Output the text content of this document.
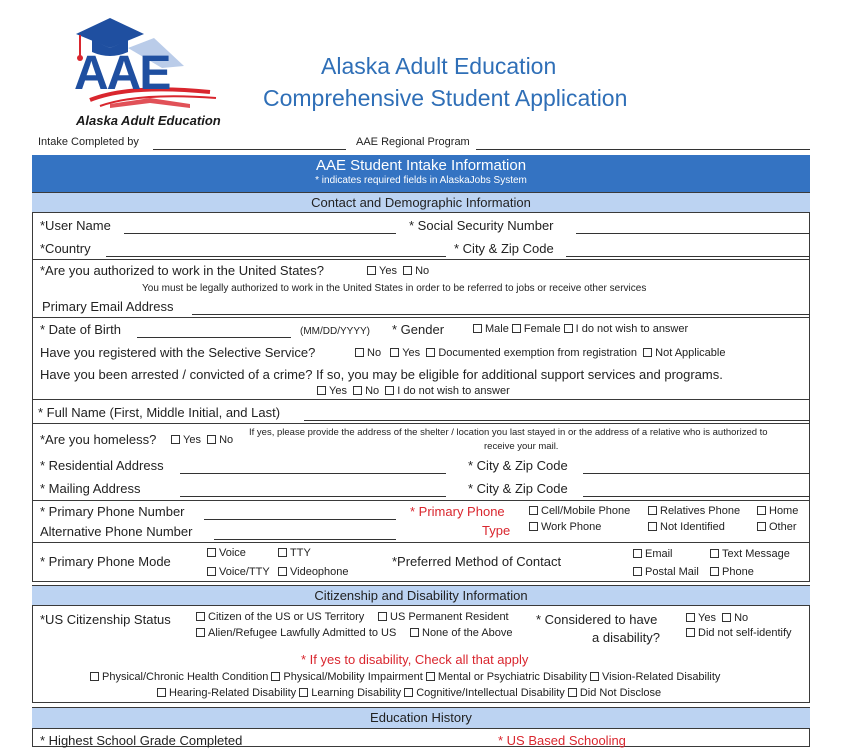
AAE
Alaska Adult Education
Alaska Adult Education
Comprehensive Student Application
Intake Completed by	AAE Regional Program
AAE Student Intake Information
* indicates required fields in AlaskaJobs System
Contact and Demographic Information
*User Name	* Social Security Number
*Country	* City & Zip Code
*Are you authorized to work in the United States?	Yes No
You must be legally authorized to work in the United States in order to be referred to jobs or receive other services
Primary Email Address
* Date of Birth	(MM/DD/YYYY) * Gender	Male Female I do not wish to answer
Have you registered with the Selective Service?	No Yes Documented exemption from registration Not Applicable
Have you been arrested / convicted of a crime? If so, you may be eligible for additional support services and programs.
Yes No I do not wish to answer
* Full Name (First, Middle Initial, and Last)
*Are you homeless?	Yes No
If yes, please provide the address of the shelter / location you last stayed in or the address of a relative who is authorized to
receive your mail.
* Residential Address	* City & Zip Code
* Mailing Address	* City & Zip Code
* Primary Phone Number
Alternative Phone Number
* Primary Phone
Type
Cell/Mobile Phone	Relatives Phone	Home
Work Phone	Not Identified	Other
* Primary Phone Mode
Voice	TTY
Voice/TTY	Videophone
*Preferred Method of Contact	Email	Text Message
Postal Mail	Phone
Citizenship and Disability Information
*US Citizenship Status	Citizen of the US or US Territory	US Permanent Resident
Alien/Refugee Lawfully Admitted to US	None of the Above
* Considered to have
a disability?
Yes No
Did not self-identify
* If yes to disability, Check all that apply
Physical/Chronic Health Condition Physical/Mobility Impairment Mental or Psychiatric Disability Vision-Related Disability
Hearing-Related Disability Learning Disability Cognitive/Intellectual Disability Did Not Disclose
Education History
* Highest School Grade Completed	* US Based Schooling
